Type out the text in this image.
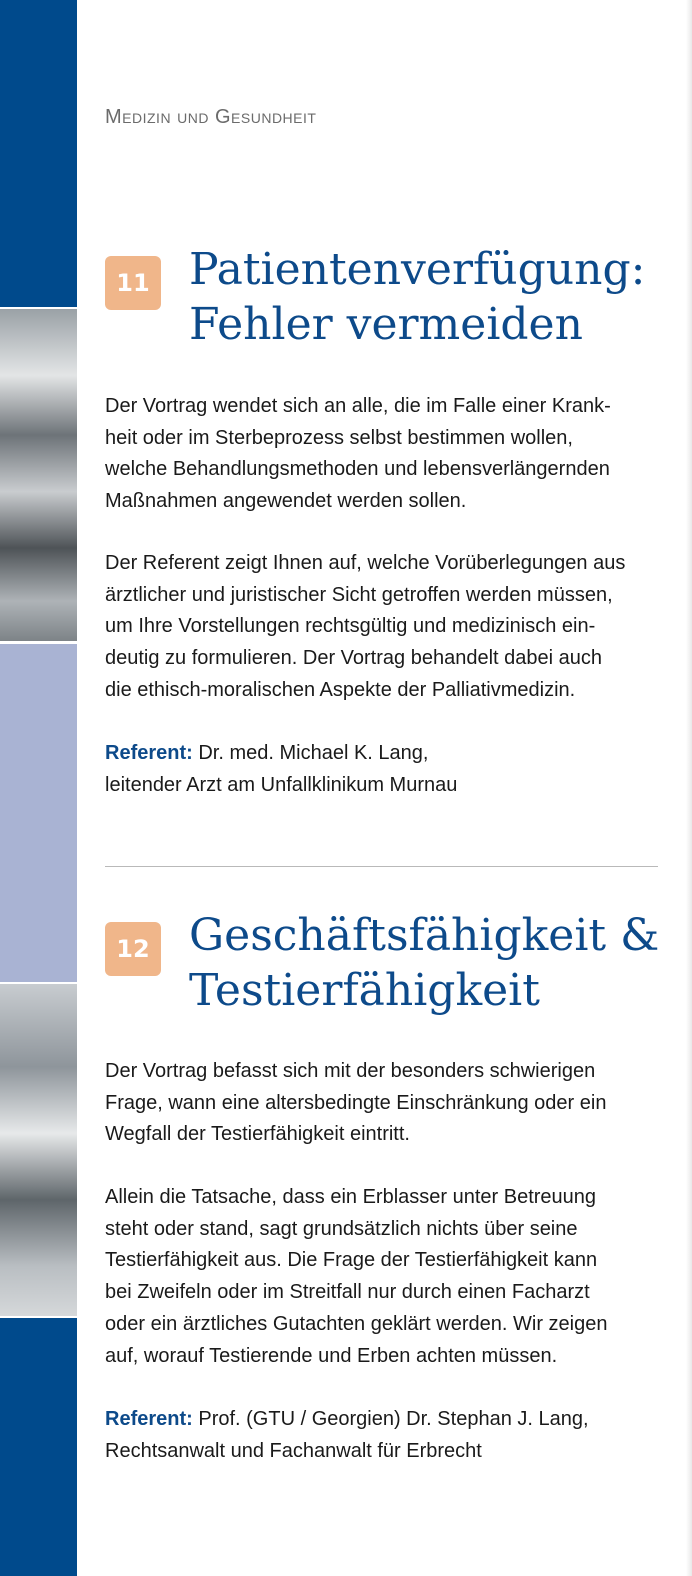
Medizin und Gesundheit
11 Patientenverfügung:
Fehler vermeiden

Der Vortrag wendet sich an alle, die im Falle einer Krank-
heit oder im Sterbeprozess selbst bestimmen wollen,
welche Behandlungsmethoden und lebensverlängernden
Maßnahmen angewendet werden sollen.

Der Referent zeigt Ihnen auf, welche Vorüberlegungen aus
ärztlicher und juristischer Sicht getroffen werden müssen,
um Ihre Vorstellungen rechtsgültig und medizinisch ein-
deutig zu formulieren. Der Vortrag behandelt dabei auch
die ethisch-moralischen Aspekte der Palliativmedizin.

Referent: Dr. med. Michael K. Lang,
leitender Arzt am Unfallklinikum Murnau

12 Geschäftsfähigkeit &
Testierfähigkeit

Der Vortrag befasst sich mit der besonders schwierigen
Frage, wann eine altersbedingte Einschränkung oder ein
Wegfall der Testierfähigkeit eintritt.

Allein die Tatsache, dass ein Erblasser unter Betreuung
steht oder stand, sagt grundsätzlich nichts über seine
Testierfähigkeit aus. Die Frage der Testierfähigkeit kann
bei Zweifeln oder im Streitfall nur durch einen Facharzt
oder ein ärztliches Gutachten geklärt werden. Wir zeigen
auf, worauf Testierende und Erben achten müssen.

Referent: Prof. (GTU / Georgien) Dr. Stephan J. Lang,
Rechtsanwalt und Fachanwalt für Erbrecht
